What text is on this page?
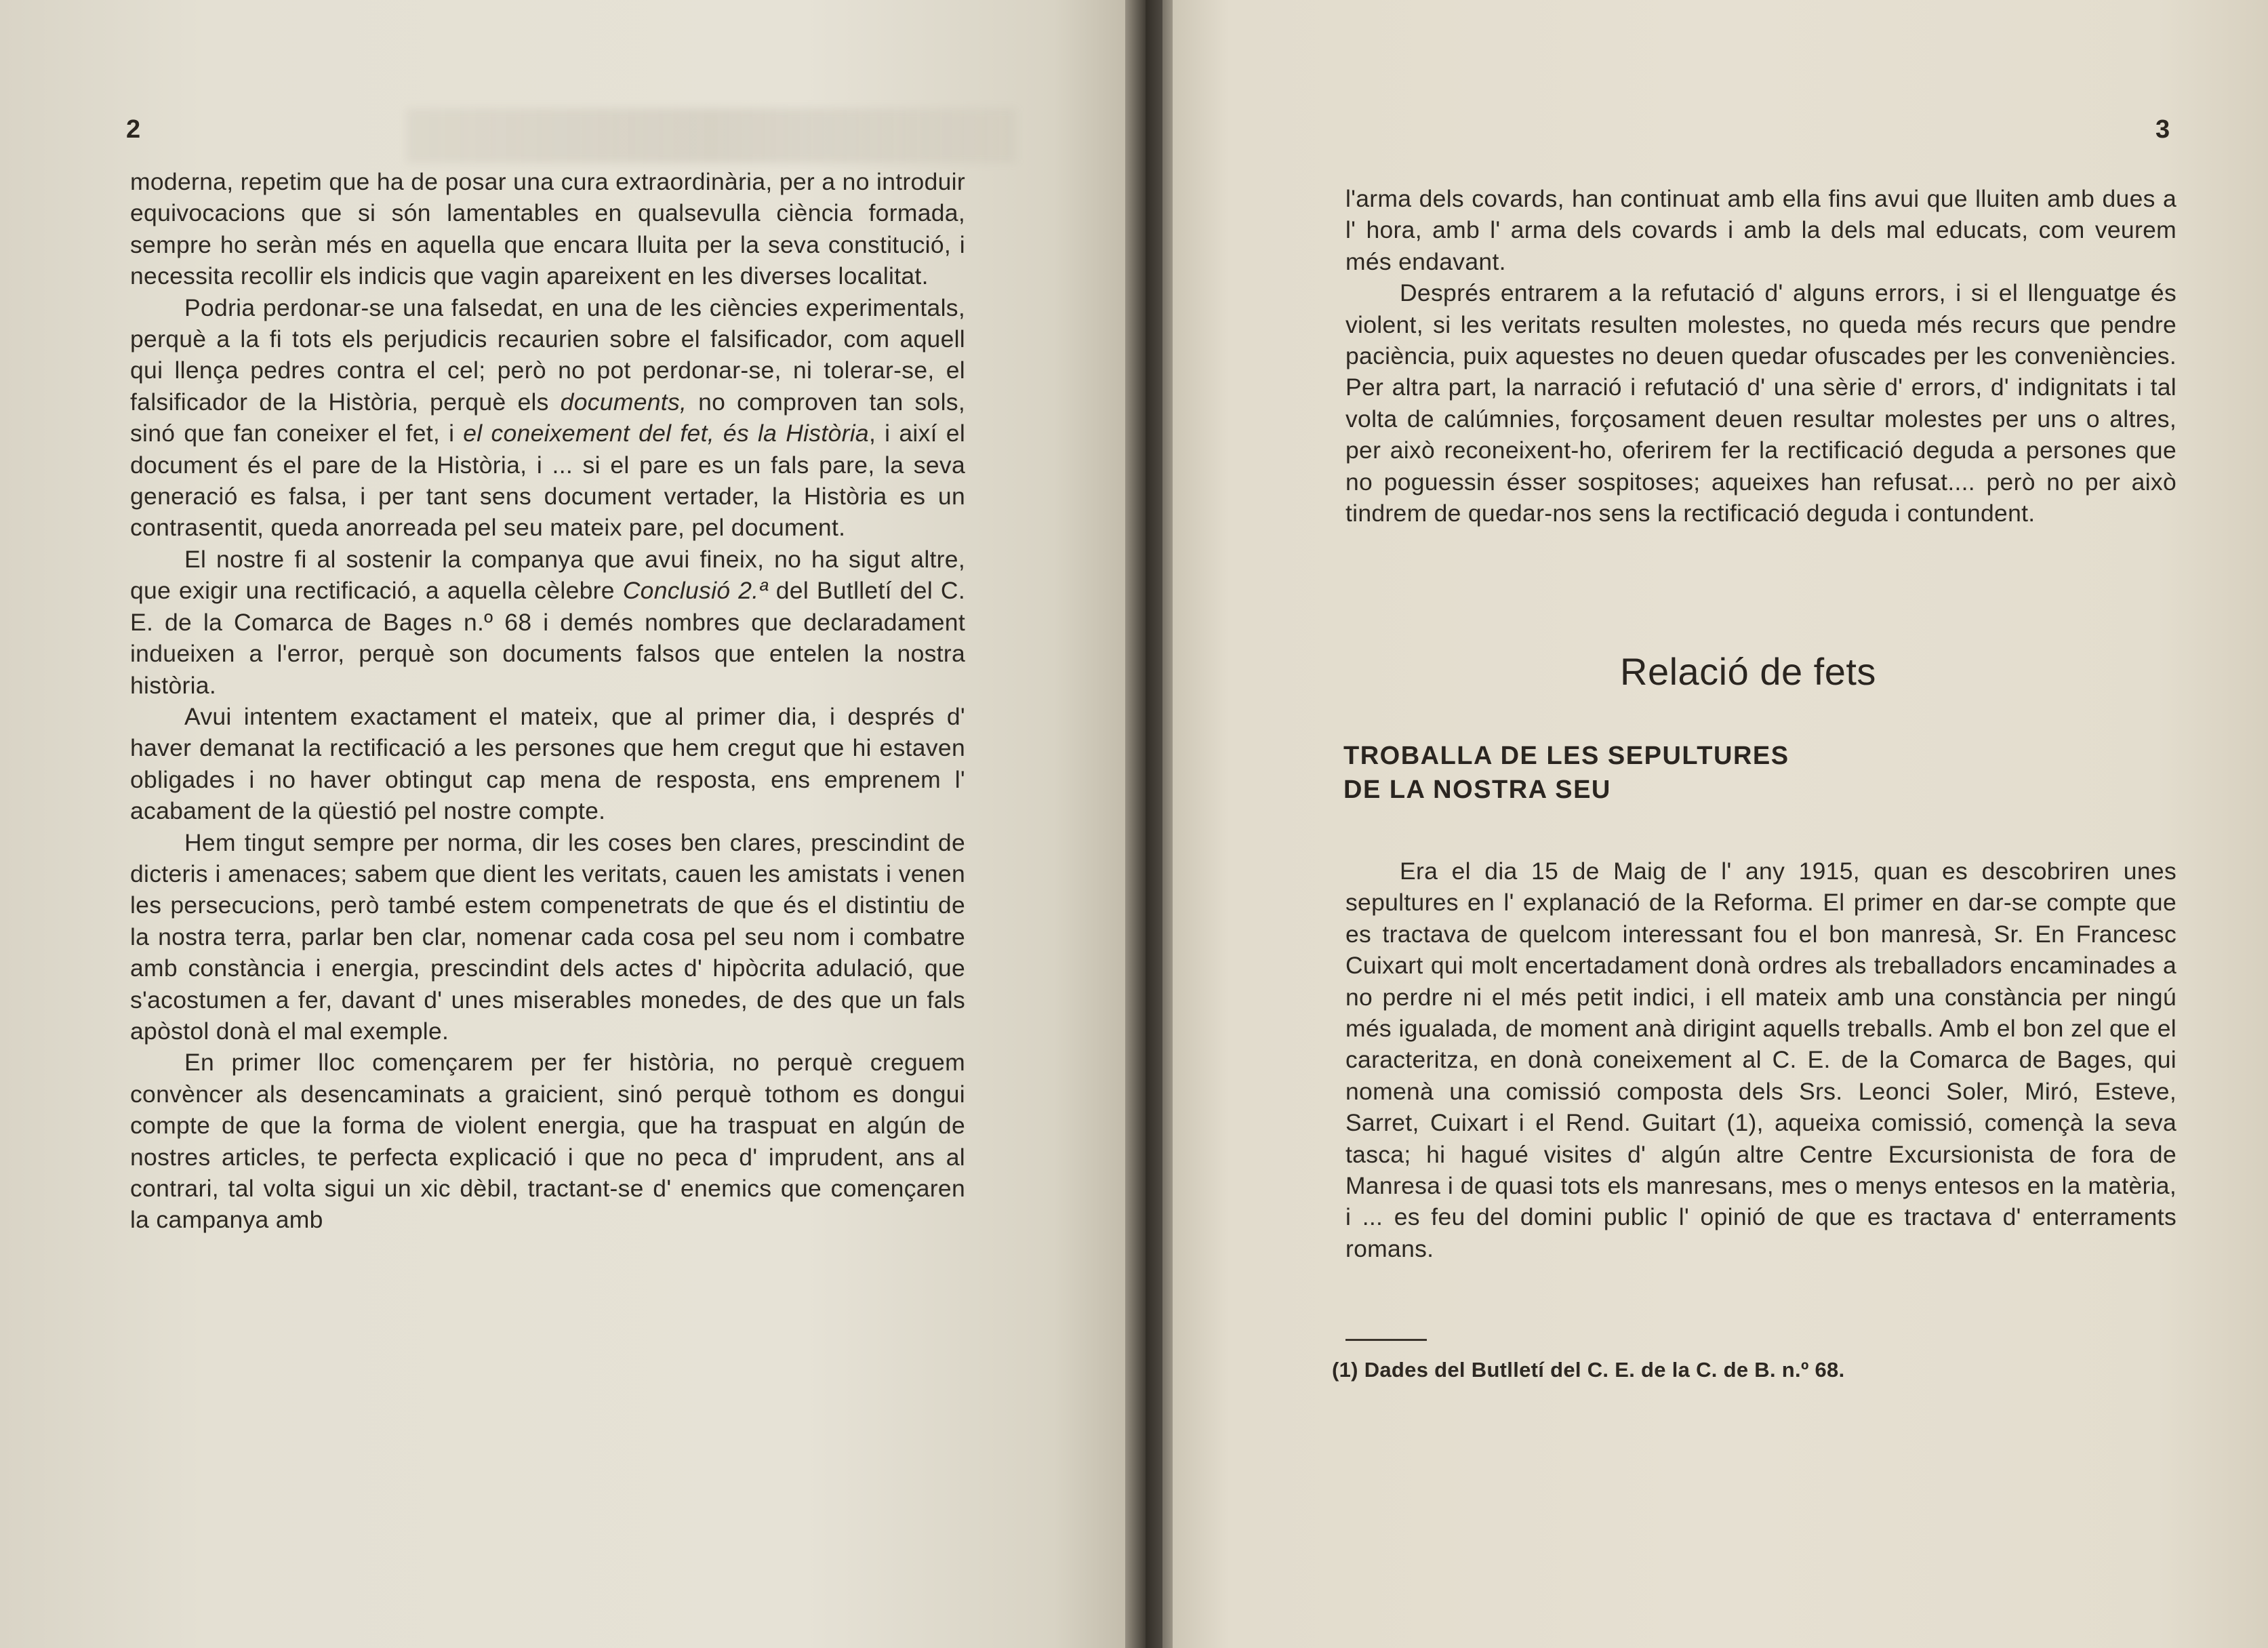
2

moderna, repetim que ha de posar una cura extraordinària, per a no introduir equivocacions que si són lamentables en qualsevulla ciència formada, sempre ho seràn més en aquella que encara lluita per la seva constitució, i necessita recollir els indicis que vagin apareixent en les diverses localitat.

Podria perdonar-se una falsedat, en una de les ciències experimentals, perquè a la fi tots els perjudicis recaurien sobre el falsificador, com aquell qui llença pedres contra el cel; però no pot perdonar-se, ni tolerar-se, el falsificador de la Història, perquè els documents, no comproven tan sols, sinó que fan coneixer el fet, i el coneixement del fet, és la Història, i així el document és el pare de la Història, i ... si el pare es un fals pare, la seva generació es falsa, i per tant sens document vertader, la Història es un contrasentit, queda anorreada pel seu mateix pare, pel document.

El nostre fi al sostenir la companya que avui fineix, no ha sigut altre, que exigir una rectificació, a aquella cèlebre Conclusió 2.ª del Butlletí del C. E. de la Comarca de Bages n.º 68 i demés nombres que declaradament indueixen a l'error, perquè son documents falsos que entelen la nostra història.

Avui intentem exactament el mateix, que al primer dia, i després d' haver demanat la rectificació a les persones que hem cregut que hi estaven obligades i no haver obtingut cap mena de resposta, ens emprenem l' acabament de la qüestió pel nostre compte.

Hem tingut sempre per norma, dir les coses ben clares, prescindint de dicteris i amenaces; sabem que dient les veritats, cauen les amistats i venen les persecucions, però també estem compenetrats de que és el distintiu de la nostra terra, parlar ben clar, nomenar cada cosa pel seu nom i combatre amb constància i energia, prescindint dels actes d' hipòcrita adulació, que s'acostumen a fer, davant d' unes miserables monedes, de des que un fals apòstol donà el mal exemple.

En primer lloc començarem per fer història, no perquè creguem convèncer als desencaminats a graicient, sinó perquè tothom es dongui compte de que la forma de violent energia, que ha traspuat en algún de nostres articles, te perfecta explicació i que no peca d' imprudent, ans al contrari, tal volta sigui un xic dèbil, tractant-se d' enemics que començaren la campanya amb

3

l'arma dels covards, han continuat amb ella fins avui que lluiten amb dues a l' hora, amb l' arma dels covards i amb la dels mal educats, com veurem més endavant.

Després entrarem a la refutació d' alguns errors, i si el llenguatge és violent, si les veritats resulten molestes, no queda més recurs que pendre paciència, puix aquestes no deuen quedar ofuscades per les conveniències. Per altra part, la narració i refutació d' una sèrie d' errors, d' indignitats i tal volta de calúmnies, forçosament deuen resultar molestes per uns o altres, per això reconeixent-ho, oferirem fer la rectificació deguda a persones que no poguessin ésser sospitoses; aqueixes han refusat.... però no per això tindrem de quedar-nos sens la rectificació deguda i contundent.

Relació de fets
TROBALLA DE LES SEPULTURES DE LA NOSTRA SEU

Era el dia 15 de Maig de l' any 1915, quan es descobriren unes sepultures en l' explanació de la Reforma. El primer en dar-se compte que es tractava de quelcom interessant fou el bon manresà, Sr. En Francesc Cuixart qui molt encertadament donà ordres als treballadors encaminades a no perdre ni el més petit indici, i ell mateix amb una constància per ningú més igualada, de moment anà dirigint aquells treballs. Amb el bon zel que el caracteritza, en donà coneixement al C. E. de la Comarca de Bages, qui nomenà una comissió composta dels Srs. Leonci Soler, Miró, Esteve, Sarret, Cuixart i el Rend. Guitart (1), aqueixa comissió, començà la seva tasca; hi hagué visites d' algún altre Centre Excursionista de fora de Manresa i de quasi tots els manresans, mes o menys entesos en la matèria, i ... es feu del domini public l' opinió de que es tractava d' enterraments romans.

(1) Dades del Butlletí del C. E. de la C. de B. n.º 68.
